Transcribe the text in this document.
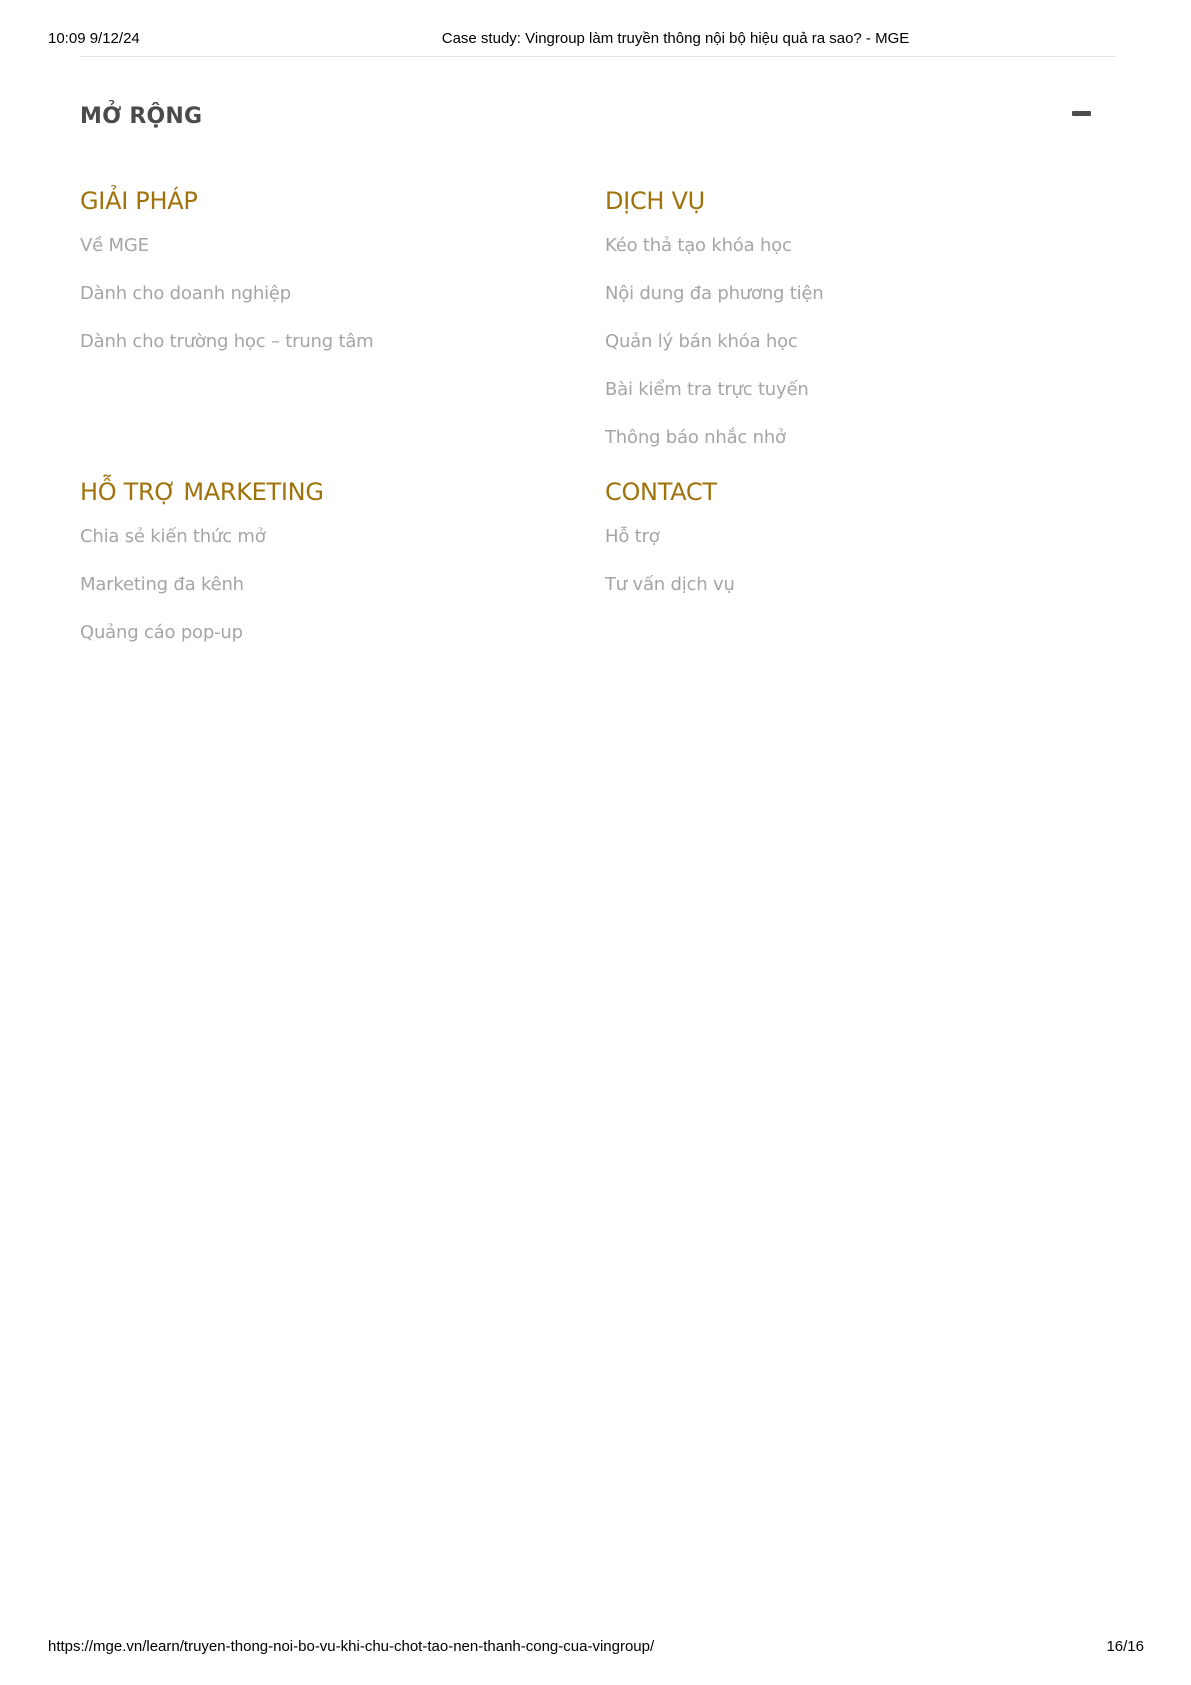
10:09 9/12/24	Case study: Vingroup làm truyền thông nội bộ hiệu quả ra sao? - MGE
MỞ RỘNG
GIẢI PHÁP
Về MGE
Dành cho doanh nghiệp
Dành cho trường học – trung tâm
DỊCH VỤ
Kéo thả tạo khóa học
Nội dung đa phương tiện
Quản lý bán khóa học
Bài kiểm tra trực tuyến
Thông báo nhắc nhở
HỖ TRỢ MARKETING
Chia sẻ kiến thức mở
Marketing đa kênh
Quảng cáo pop-up
CONTACT
Hỗ trợ
Tư vấn dịch vụ
https://mge.vn/learn/truyen-thong-noi-bo-vu-khi-chu-chot-tao-nen-thanh-cong-cua-vingroup/	16/16
